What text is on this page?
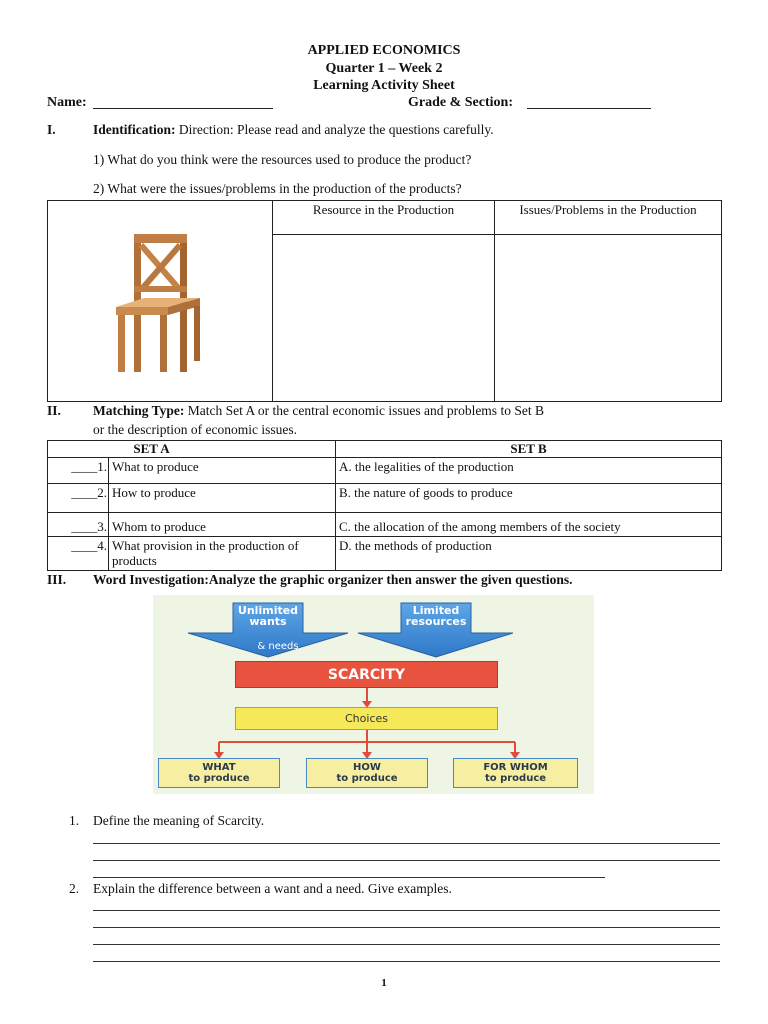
APPLIED ECONOMICS
Quarter 1 – Week 2
Learning Activity Sheet
Name:	Grade & Section:
I.	Identification: Direction: Please read and analyze the questions carefully.
1) What do you think were the resources used to produce the product?
2) What were the issues/problems in the production of the products?
	Resource in the Production	Issues/Problems in the Production

II. Matching Type: Match Set A or the central economic issues and problems to Set B
or the description of economic issues.
SET A		SET B
____1.	What to produce	A. the legalities of the production
____2.	How to produce	B. the nature of goods to produce
____3.	Whom to produce	C. the allocation of the among members of the society
____4.	What provision in the production of products	D. the methods of production
III. Word Investigation:Analyze the graphic organizer then answer the given questions.
Unlimited wants
& needs
Limited resources
SCARCITY
Choices
WHAT
to produce
HOW
to produce
FOR WHOM
to produce
1. Define the meaning of Scarcity.
2. Explain the difference between a want and a need. Give examples.
1
